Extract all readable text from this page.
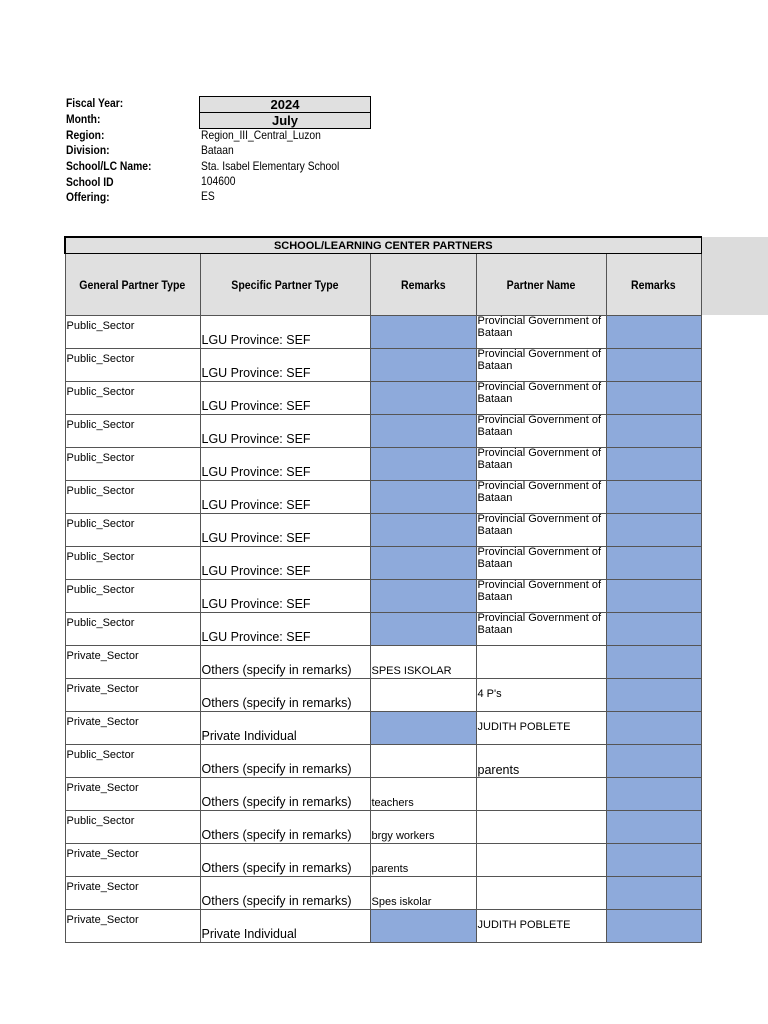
Fiscal Year:	2024
Month:	July
Region:	Region_III_Central_Luzon
Division:	Bataan
School/LC Name:	Sta. Isabel Elementary School
School ID	104600
Offering:	ES
SCHOOL/LEARNING CENTER PARTNERS				
General Partner Type	Specific Partner Type	Remarks	Partner Name	Remarks
Public_Sector	LGU Province: SEF		Provincial Government of Bataan	
Public_Sector	LGU Province: SEF		Provincial Government of Bataan	
Public_Sector	LGU Province: SEF		Provincial Government of Bataan	
Public_Sector	LGU Province: SEF		Provincial Government of Bataan	
Public_Sector	LGU Province: SEF		Provincial Government of Bataan	
Public_Sector	LGU Province: SEF		Provincial Government of Bataan	
Public_Sector	LGU Province: SEF		Provincial Government of Bataan	
Public_Sector	LGU Province: SEF		Provincial Government of Bataan	
Public_Sector	LGU Province: SEF		Provincial Government of Bataan	
Public_Sector	LGU Province: SEF		Provincial Government of Bataan	
Private_Sector	Others (specify in remarks)	SPES ISKOLAR		
Private_Sector	Others (specify in remarks)		4 P's	
Private_Sector	Private Individual		JUDITH POBLETE	
Public_Sector	Others (specify in remarks)		parents	
Private_Sector	Others (specify in remarks)	teachers		
Public_Sector	Others (specify in remarks)	brgy workers		
Private_Sector	Others (specify in remarks)	parents		
Private_Sector	Others (specify in remarks)	Spes iskolar		
Private_Sector	Private Individual		JUDITH POBLETE	
